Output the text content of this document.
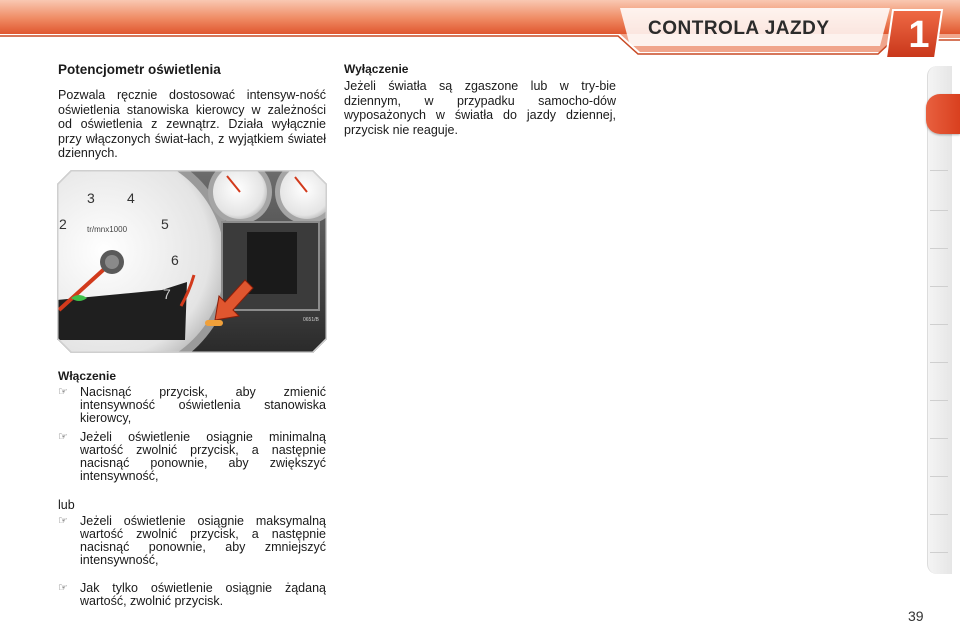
CONTROLA JAZDY	1
Potencjometr oświetlenia
Pozwala ręcznie dostosować intensyw-ność oświetlenia stanowiska kierowcy w zależności od oświetlenia z zewnątrz. Działa wyłącznie przy włączonych świat-łach, z wyjątkiem świateł dziennych.
2
3 4
5
6
7
tr/mnx1000
0651/B
Włączenie
☞ Nacisnąć przycisk, aby zmienić intensywność oświetlenia stanowiska kierowcy,
☞ Jeżeli oświetlenie osiągnie minimalną wartość zwolnić przycisk, a następnie nacisnąć ponownie, aby zwiększyć intensywność,
lub
☞ Jeżeli oświetlenie osiągnie maksymalną wartość zwolnić przycisk, a następnie nacisnąć ponownie, aby zmniejszyć intensywność,
☞ Jak tylko oświetlenie osiągnie żądaną wartość, zwolnić przycisk.
Wyłączenie
Jeżeli światła są zgaszone lub w try-bie dziennym, w przypadku samocho-dów wyposażonych w światła do jazdy dziennej, przycisk nie reaguje.
39
